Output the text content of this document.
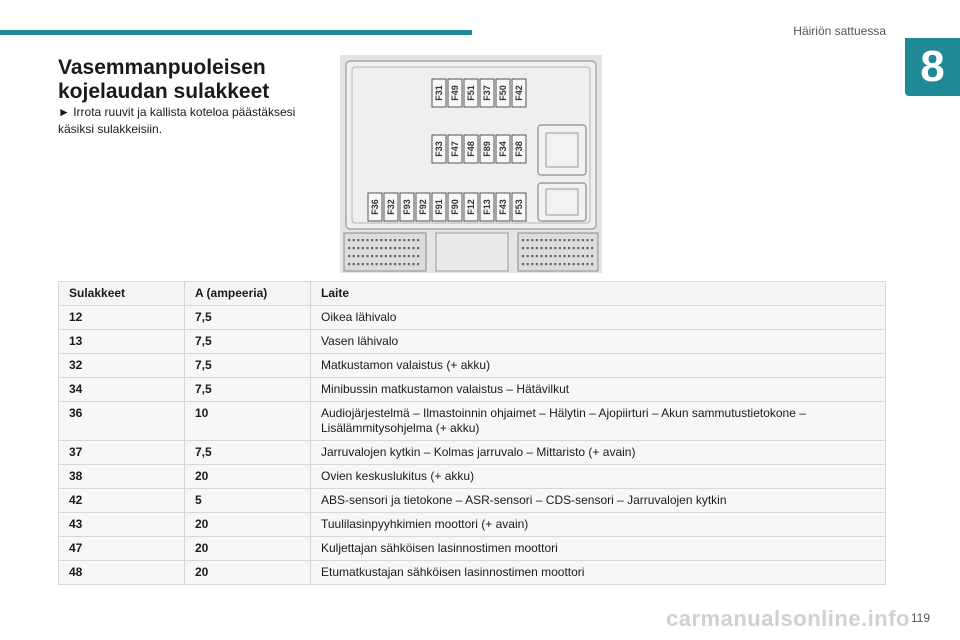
Häiriön sattuessa
8
Vasemmanpuoleisen kojelaudan sulakkeet

► Irrota ruuvit ja kallista koteloa päästäksesi käsiksi sulakkeisiin.

F31 F49 F51 F37 F50 F42
F33 F47 F48 F89 F34 F38
F36 F32 F93 F92 F91 F90 F12 F13 F43 F53
Sulakkeet	A (ampeeria)	Laite
12	7,5	Oikea lähivalo
13	7,5	Vasen lähivalo
32	7,5	Matkustamon valaistus (+ akku)
34	7,5	Minibussin matkustamon valaistus – Hätävilkut
36	10	Audiojärjestelmä – Ilmastoinnin ohjaimet – Hälytin – Ajopiirturi – Akun sammutustietokone – Lisälämmitysohjelma (+ akku)
37	7,5	Jarruvalojen kytkin – Kolmas jarruvalo – Mittaristo (+ avain)
38	20	Ovien keskuslukitus (+ akku)
42	5	ABS-sensori ja tietokone – ASR-sensori – CDS-sensori – Jarruvalojen kytkin
43	20	Tuulilasinpyyhkimien moottori (+ avain)
47	20	Kuljettajan sähköisen lasinnostimen moottori
48	20	Etumatkustajan sähköisen lasinnostimen moottori
119
carmanualsonline.info
